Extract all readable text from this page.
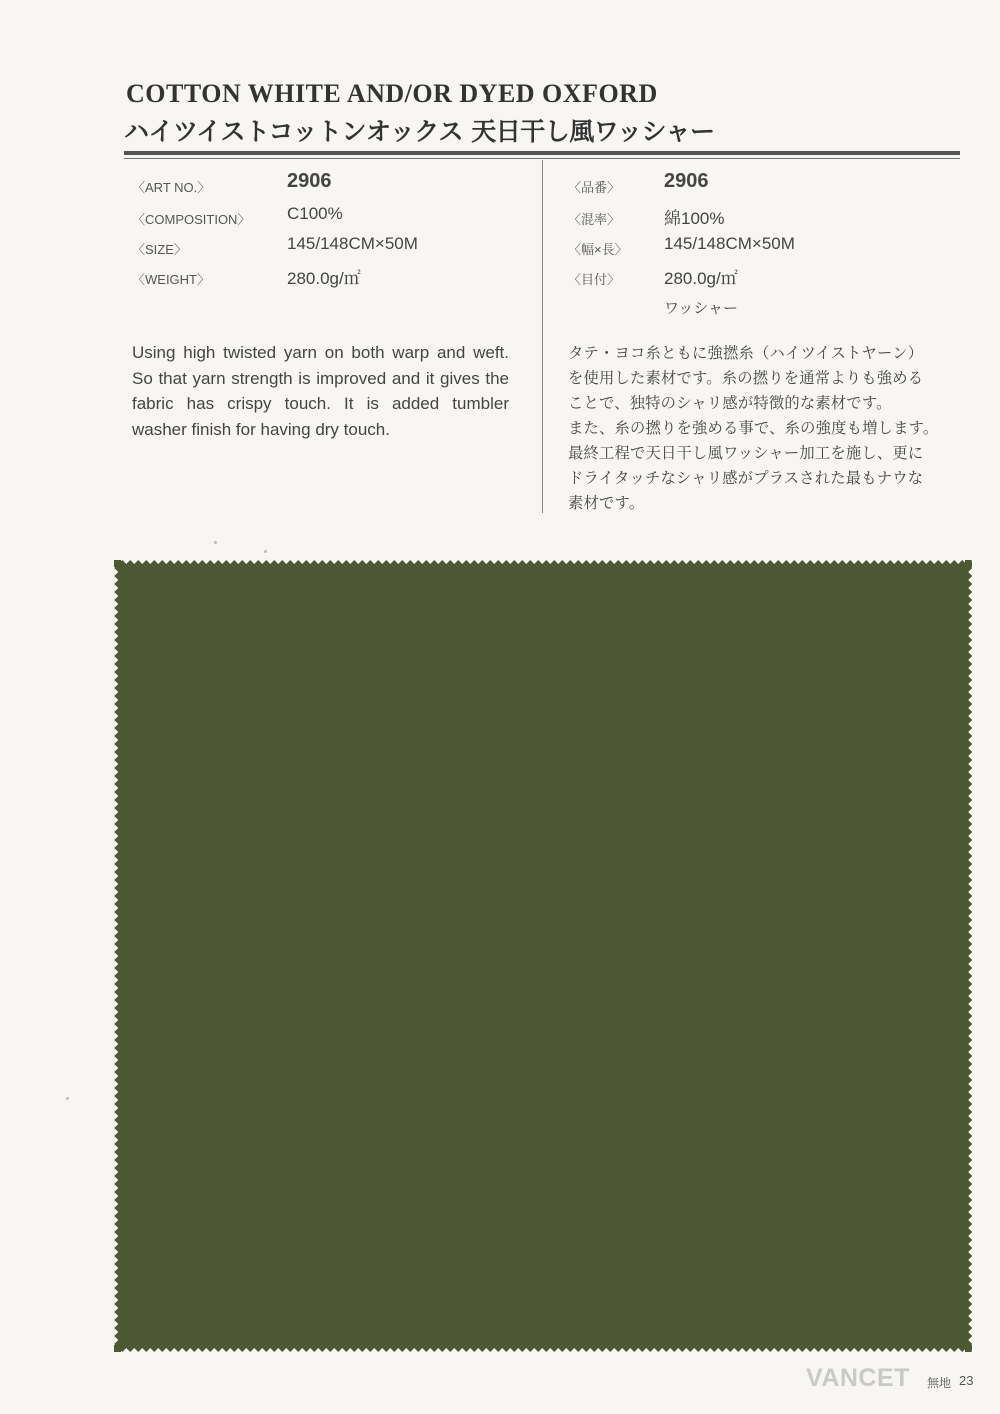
COTTON WHITE AND/OR DYED OXFORD
ハイツイストコットンオックス 天日干し風ワッシャー
〈ART NO.〉	2906
〈COMPOSITION〉 C100%
〈SIZE〉	145/148CM×50M
〈WEIGHT〉	280.0g/㎡
〈品番〉 2906
〈混率〉	綿100%
〈幅×長〉 145/148CM×50M
〈目付〉	280.0g/㎡
ワッシャー
Using high twisted yarn on both warp and weft. So that yarn strength is improved and it gives the fabric has crispy touch. It is added tumbler washer finish for having dry touch.
タテ・ヨコ糸ともに強撚糸（ハイツイストヤーン）
を使用した素材です。糸の撚りを通常よりも強める
ことで、独特のシャリ感が特徴的な素材です。
また、糸の撚りを強める事で、糸の強度も増します。
最終工程で天日干し風ワッシャー加工を施し、更に
ドライタッチなシャリ感がプラスされた最もナウな
素材です。
VANCET 無地 23
